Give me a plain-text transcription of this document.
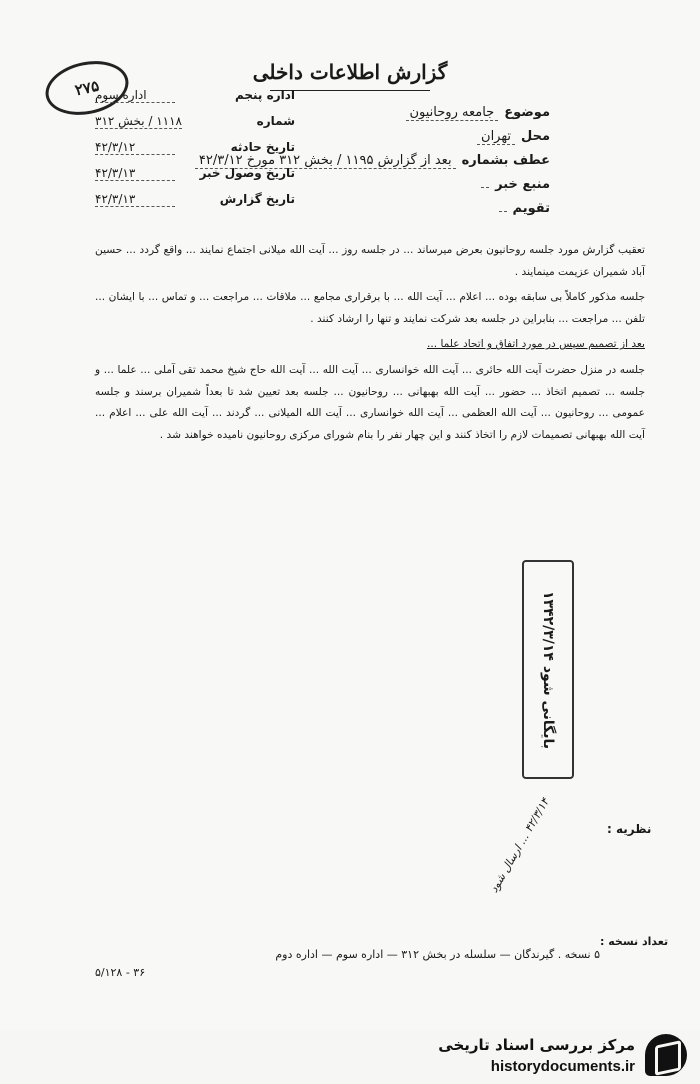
۲۷۵
گزارش اطلاعات داخلی
اداره پنجم
اداره سوم
شماره
۱۱۱۸ / بخش ۳۱۲
تاریخ حادثه
۴۲/۳/۱۲
تاریخ وصول خبر
۴۲/۳/۱۳
تاریخ گزارش
۴۲/۳/۱۳
موضوع
جامعه روحانیون
محل
تهران
عطف بشماره
بعد از گزارش ۱۱۹۵ / بخش ۳۱۲ مورخ ۴۲/۳/۱۲
منبع خبر
تقویم

تعقیب گزارش مورد جلسه روحانیون بعرض میرساند ... در جلسه روز ... آیت الله میلانی اجتماع نمایند ... واقع گردد ... حسین آباد شمیران عزیمت مینمایند .

جلسه مذکور کاملاً بی سابقه بوده ... اعلام ... آیت الله ... با برقراری مجامع ... ملاقات ... مراجعت ... و تماس ... با ایشان ... تلفن ... مراجعت ... بنابراین در جلسه بعد شرکت نمایند و تنها را ارشاد کنند .

بعد از تصمیم سپس در مورد اتفاق و اتحاد علما ...

جلسه در منزل حضرت آیت الله حائری ... آیت الله خوانساری ... آیت الله ... آیت الله حاج شیخ محمد تقی آملی ... علما ... و جلسه ... تصمیم اتخاذ ... حضور ... آیت الله بهبهانی ... روحانیون ... جلسه بعد تعیین شد تا بعداً شمیران برسند و جلسه عمومی ... روحانیون ... آیت الله العظمی ... آیت الله خوانساری ... آیت الله المیلانی ... گردند ... آیت الله علی ... اعلام ... آیت الله بهبهانی تصمیمات لازم را اتخاذ کنند و این چهار نفر را بنام شورای مرکزی روحانیون نامیده خواهند شد .

بایگانی شود ۱۳۴۲/۳/۱۴
نظریه :
۴۲/۳/۱۴ ... ارسال شود
تعداد نسخه :
۵ نسخه . گیرندگان — سلسله در بخش ۳۱۲ — اداره سوم — اداره دوم
۵/۱۲۸ - ۳۶
مرکز بررسی اسناد تاریخی
historydocuments.ir
